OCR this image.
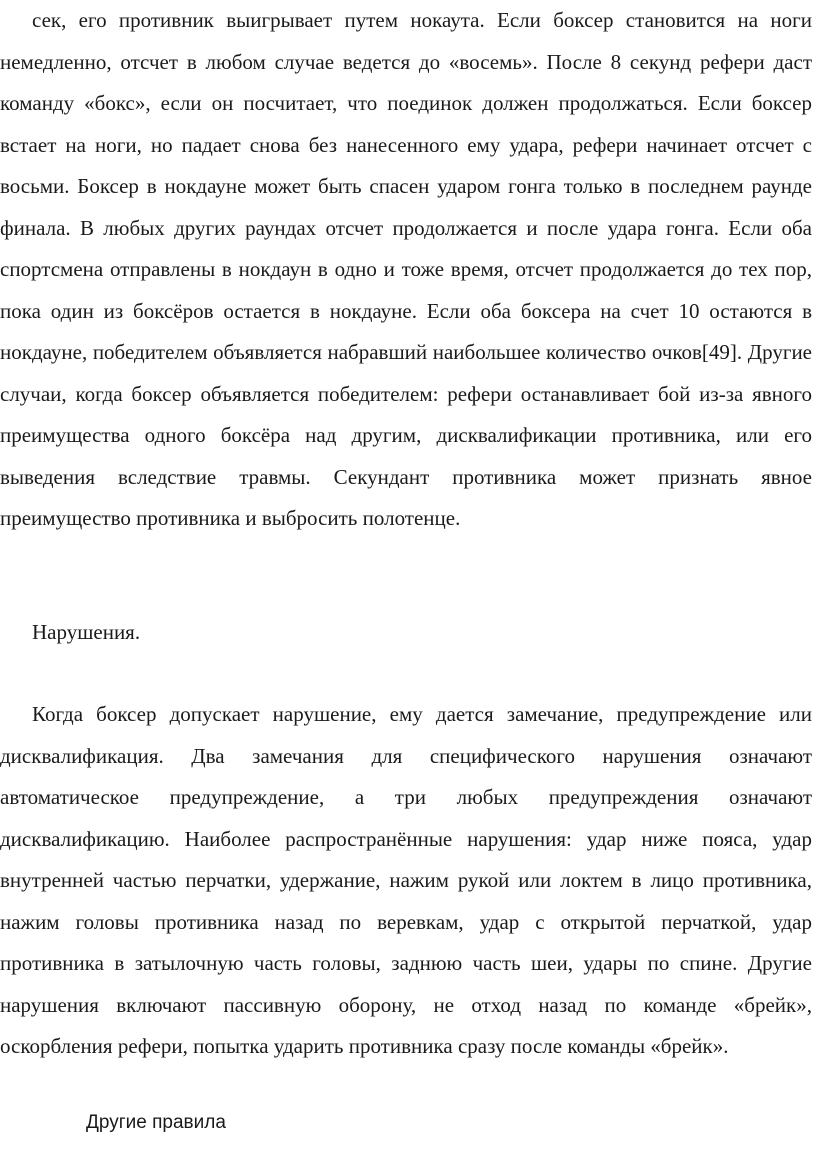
сек, его противник выигрывает путем нокаута. Если боксер становится на ноги немедленно, отсчет в любом случае ведется до «восемь». После 8 секунд рефери даст команду «бокс», если он посчитает, что поединок должен продолжаться. Если боксер встает на ноги, но падает снова без нанесенного ему удара, рефери начинает отсчет с восьми. Боксер в нокдауне может быть спасен ударом гонга только в последнем раунде финала. В любых других раундах отсчет продолжается и после удара гонга. Если оба спортсмена отправлены в нокдаун в одно и тоже время, отсчет продолжается до тех пор, пока один из боксёров остается в нокдауне. Если оба боксера на счет 10 остаются в нокдауне, победителем объявляется набравший наибольшее количество очков[49]. Другие случаи, когда боксер объявляется победителем: рефери останавливает бой из-за явного преимущества одного боксёра над другим, дисквалификации противника, или его выведения вследствие травмы. Секундант противника может признать явное преимущество противника и выбросить полотенце.

Нарушения.

Когда боксер допускает нарушение, ему дается замечание, предупреждение или дисквалификация. Два замечания для специфического нарушения означают автоматическое предупреждение, а три любых предупреждения означают дисквалификацию. Наиболее распространённые нарушения: удар ниже пояса, удар внутренней частью перчатки, удержание, нажим рукой или локтем в лицо противника, нажим головы противника назад по веревкам, удар с открытой перчаткой, удар противника в затылочную часть головы, заднюю часть шеи, удары по спине. Другие нарушения включают пассивную оборону, не отход назад по команде «брейк», оскорбления рефери, попытка ударить противника сразу после команды «брейк».

Другие правила
